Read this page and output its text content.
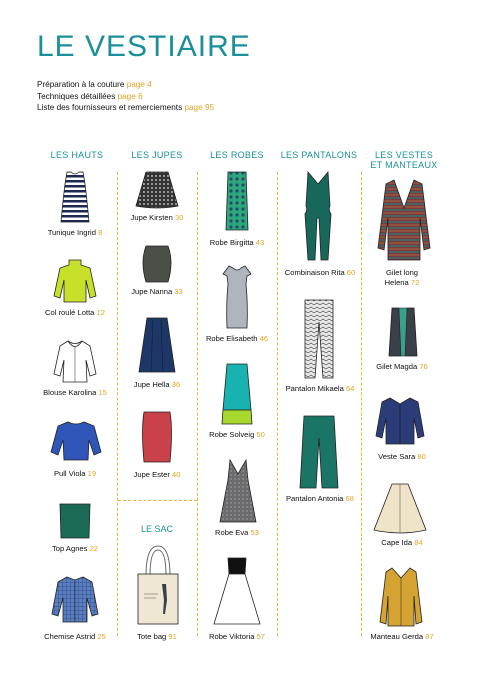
LE VESTIAIRE
Préparation à la couture page 4
Techniques détaillées page 6
Liste des fournisseurs et remerciements page 95
LES HAUTS	LES JUPES	LES ROBES	LES PANTALONS	LES VESTES
ET MANTEAUX
Tunique Ingrid 8
Col roulé Lotta 12
Blouse Karolina 15
Pull Viola 19
Top Agnes 22
Chemise Astrid 25
Jupe Kirsten 30
Jupe Nanna 33
Jupe Hella 36
Jupe Ester 40
LE SAC
Tote bag 91
Robe Birgitta 43
Robe Elisabeth 46
Robe Solveig 50
Robe Eva 53
Robe Viktoria 57
Combinaison Rita 60
Pantalon Mikaela 64
Pantalon Antonia 68
Gilet long
Helena 72
Gilet Magda 76
Veste Sara 80
Cape Ida 84
Manteau Gerda 87
